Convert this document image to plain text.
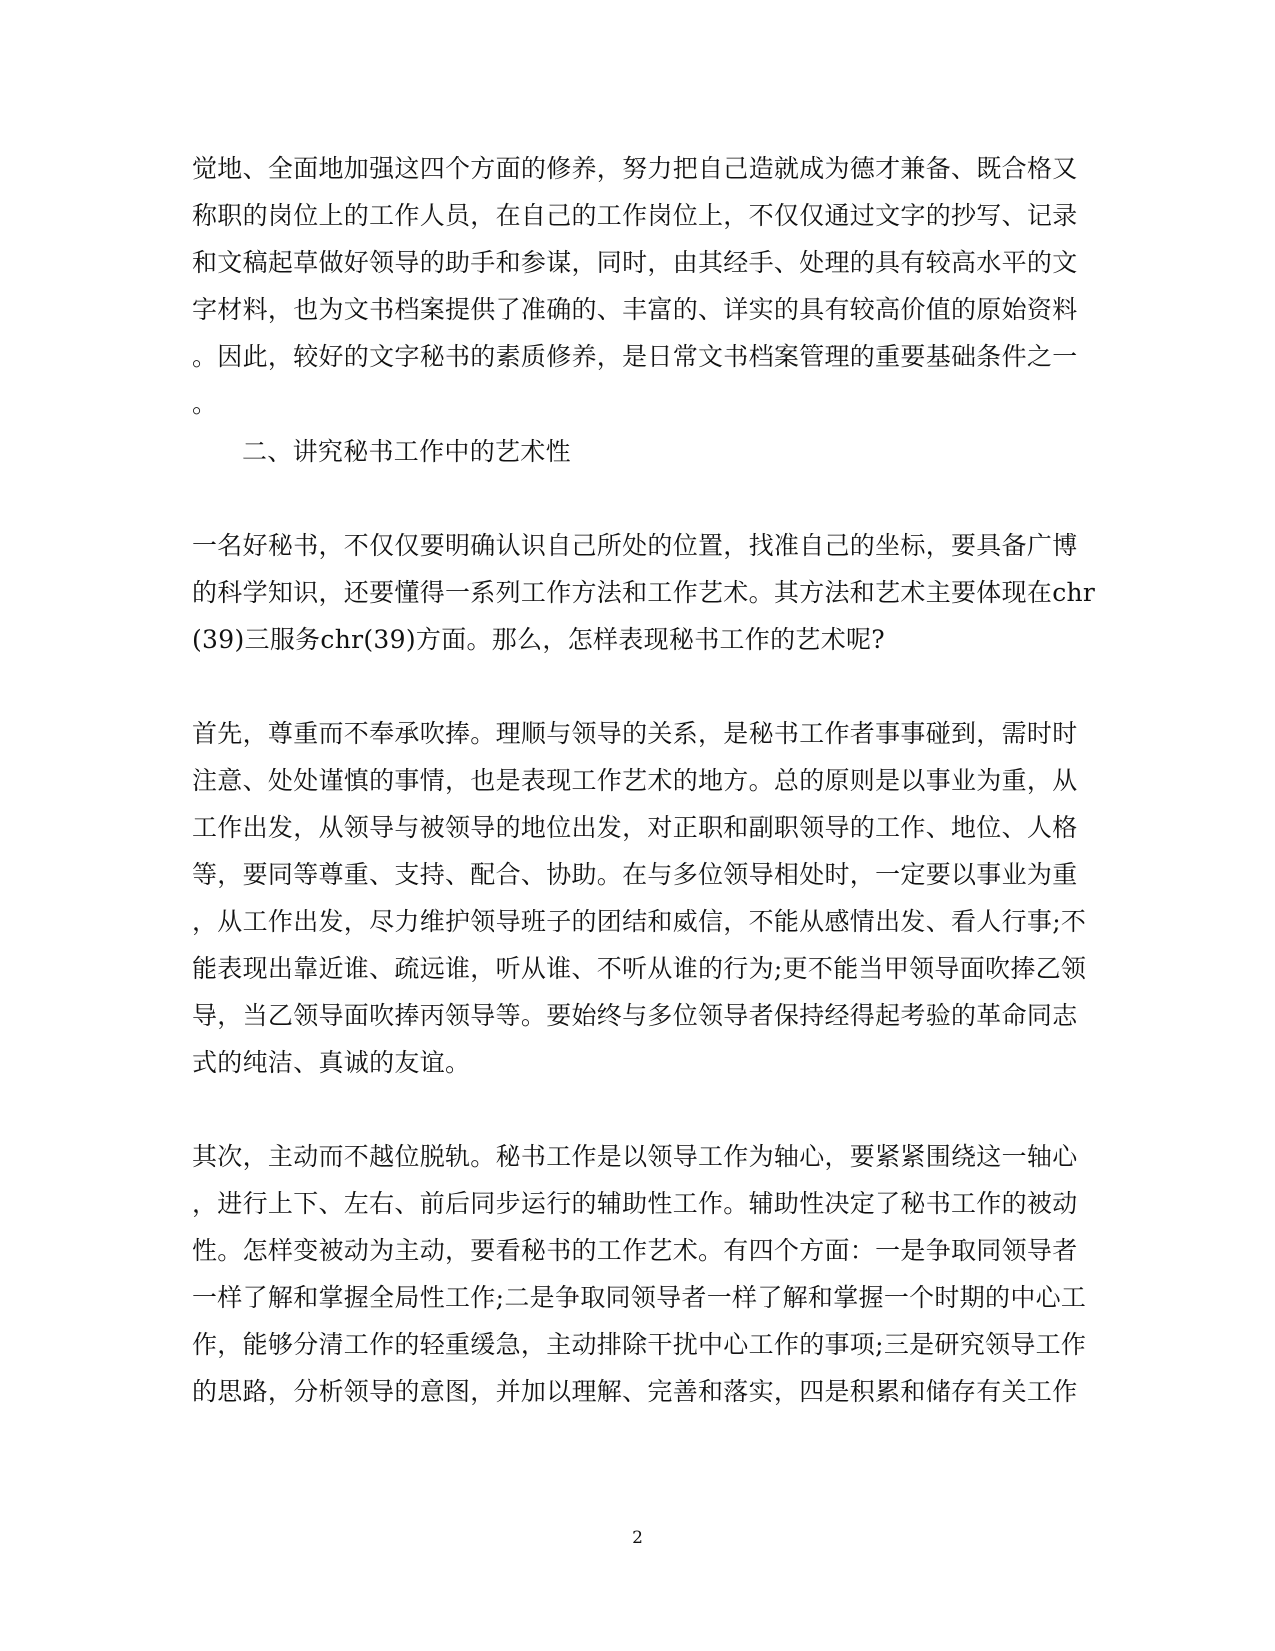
觉地、全面地加强这四个方面的修养，努力把自己造就成为德才兼备、既合格又
称职的岗位上的工作人员，在自己的工作岗位上，不仅仅通过文字的抄写、记录
和文稿起草做好领导的助手和参谋，同时，由其经手、处理的具有较高水平的文
字材料，也为文书档案提供了准确的、丰富的、详实的具有较高价值的原始资料
。因此，较好的文字秘书的素质修养，是日常文书档案管理的重要基础条件之一
。
二、讲究秘书工作中的艺术性
一名好秘书，不仅仅要明确认识自己所处的位置，找准自己的坐标，要具备广博
的科学知识，还要懂得一系列工作方法和工作艺术。其方法和艺术主要体现在chr
(39)三服务chr(39)方面。那么，怎样表现秘书工作的艺术呢?
首先，尊重而不奉承吹捧。理顺与领导的关系，是秘书工作者事事碰到，需时时
注意、处处谨慎的事情，也是表现工作艺术的地方。总的原则是以事业为重，从
工作出发，从领导与被领导的地位出发，对正职和副职领导的工作、地位、人格
等，要同等尊重、支持、配合、协助。在与多位领导相处时，一定要以事业为重
，从工作出发，尽力维护领导班子的团结和威信，不能从感情出发、看人行事;不
能表现出靠近谁、疏远谁，听从谁、不听从谁的行为;更不能当甲领导面吹捧乙领
导，当乙领导面吹捧丙领导等。要始终与多位领导者保持经得起考验的革命同志
式的纯洁、真诚的友谊。
其次，主动而不越位脱轨。秘书工作是以领导工作为轴心，要紧紧围绕这一轴心
，进行上下、左右、前后同步运行的辅助性工作。辅助性决定了秘书工作的被动
性。怎样变被动为主动，要看秘书的工作艺术。有四个方面：一是争取同领导者
一样了解和掌握全局性工作;二是争取同领导者一样了解和掌握一个时期的中心工
作，能够分清工作的轻重缓急，主动排除干扰中心工作的事项;三是研究领导工作
的思路，分析领导的意图，并加以理解、完善和落实，四是积累和储存有关工作
2
